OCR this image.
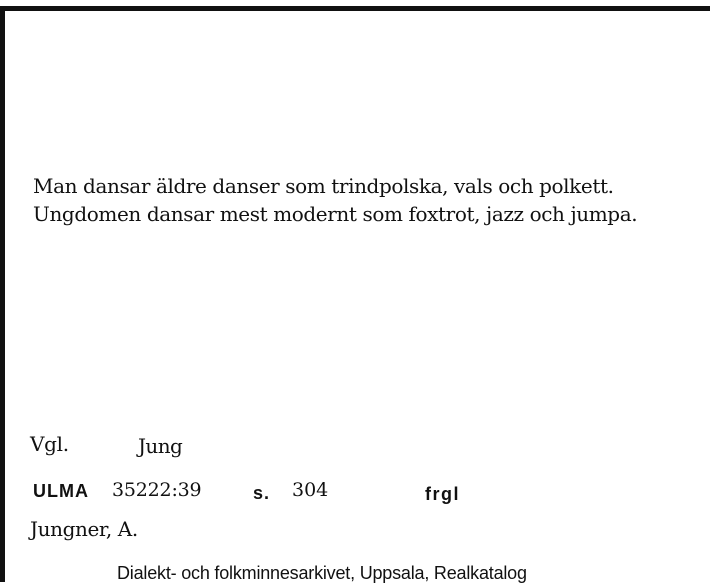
Man dansar äldre danser som trindpolska, vals och polkett.
Ungdomen dansar mest modernt som foxtrot, jazz och jumpa.
Vgl.	Jung
ULMA 35222:39	s. 304	frgl
Jungner, A.
Dialekt- och folkminnesarkivet, Uppsala, Realkatalog
